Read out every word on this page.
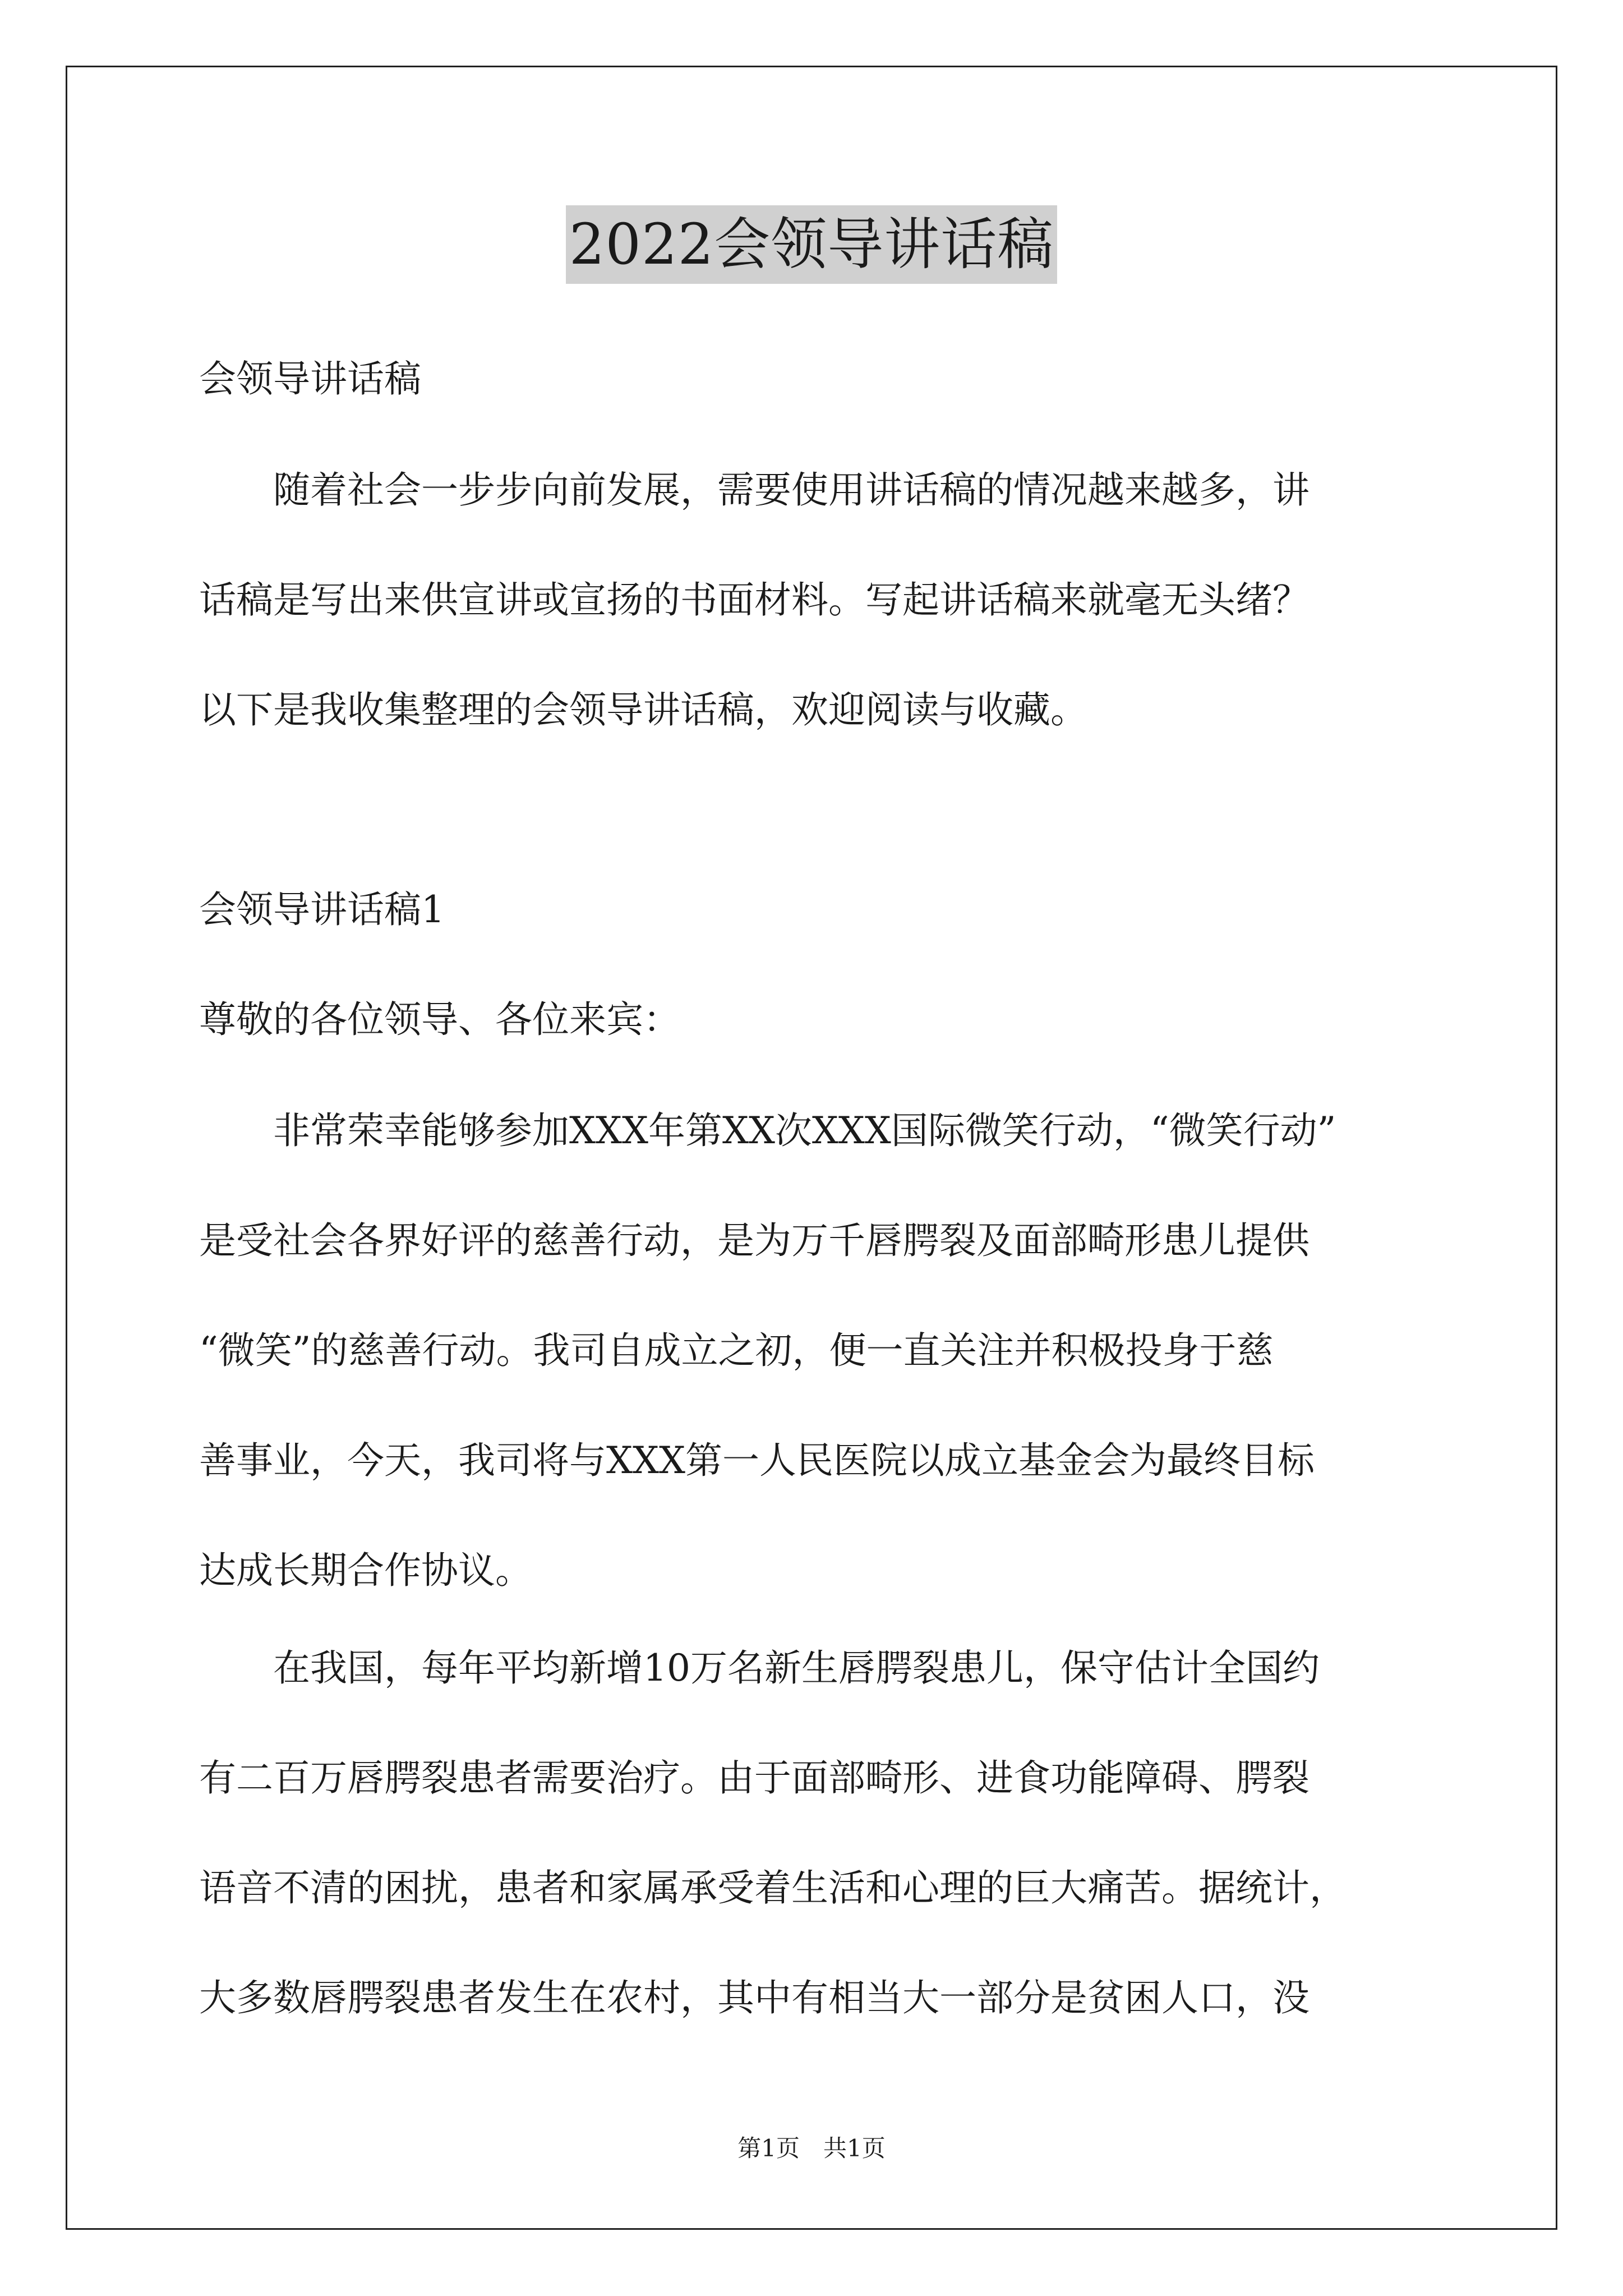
2022会领导讲话稿

会领导讲话稿

　　随着社会一步步向前发展，需要使用讲话稿的情况越来越多，讲
话稿是写出来供宣讲或宣扬的书面材料。写起讲话稿来就毫无头绪？
以下是我收集整理的会领导讲话稿，欢迎阅读与收藏。

会领导讲话稿1

尊敬的各位领导、各位来宾：

　　非常荣幸能够参加XXX年第XX次XXX国际微笑行动，“微笑行动”
是受社会各界好评的慈善行动，是为万千唇腭裂及面部畸形患儿提供
“微笑”的慈善行动。我司自成立之初，便一直关注并积极投身于慈
善事业，今天，我司将与XXX第一人民医院以成立基金会为最终目标
达成长期合作协议。
　　在我国，每年平均新增10万名新生唇腭裂患儿，保守估计全国约
有二百万唇腭裂患者需要治疗。由于面部畸形、进食功能障碍、腭裂
语音不清的困扰，患者和家属承受着生活和心理的巨大痛苦。据统计，
大多数唇腭裂患者发生在农村，其中有相当大一部分是贫困人口，没
第1页　共1页
